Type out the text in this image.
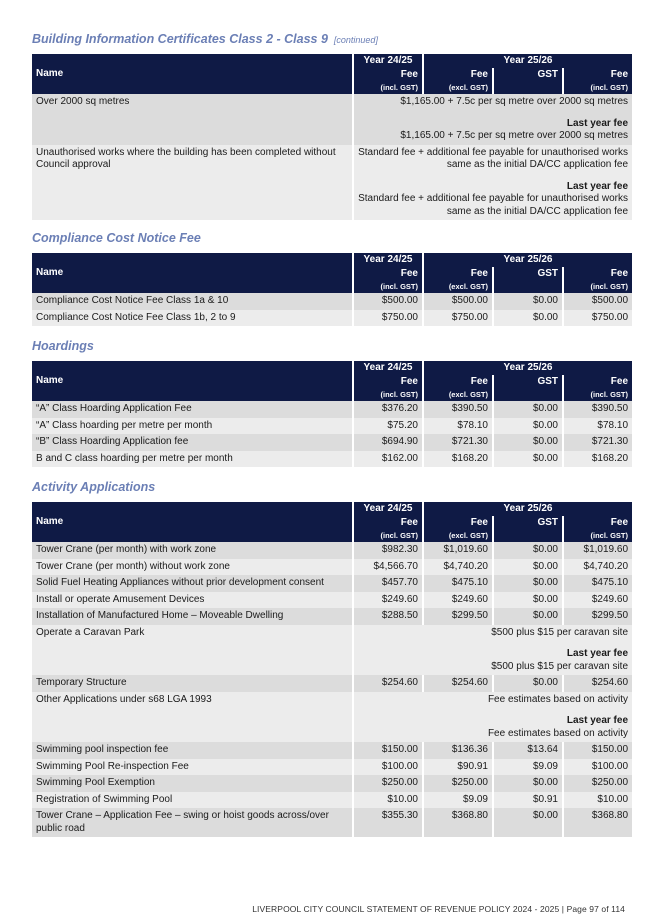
Building Information Certificates Class 2 - Class 9 [continued]
Name	Year 24/25	Year 25/26		
	Fee	Fee	GST	Fee
	(incl. GST)	(excl. GST)		(incl. GST)
Over 2000 sq metres	$1,165.00 + 7.5c per sq metre over 2000 sq metres
Last year fee
$1,165.00 + 7.5c per sq metre over 2000 sq metres			
Unauthorised works where the building has been completed without Council approval	Standard fee + additional fee payable for unauthorised works same as the initial DA/CC application fee
Last year fee
Standard fee + additional fee payable for unauthorised works same as the initial DA/CC application fee			
Compliance Cost Notice Fee
Name	Year 24/25	Year 25/26		
	Fee	Fee	GST	Fee
	(incl. GST)	(excl. GST)		(incl. GST)
Compliance Cost Notice Fee Class 1a & 10	$500.00	$500.00	$0.00	$500.00
Compliance Cost Notice Fee Class 1b, 2 to 9	$750.00	$750.00	$0.00	$750.00
Hoardings
Name	Year 24/25	Year 25/26		
	Fee	Fee	GST	Fee
	(incl. GST)	(excl. GST)		(incl. GST)
“A” Class Hoarding Application Fee	$376.20	$390.50	$0.00	$390.50
“A” Class hoarding per metre per month	$75.20	$78.10	$0.00	$78.10
“B” Class Hoarding Application fee	$694.90	$721.30	$0.00	$721.30
B and C class hoarding per metre per month	$162.00	$168.20	$0.00	$168.20
Activity Applications
Name	Year 24/25	Year 25/26		
	Fee	Fee	GST	Fee
	(incl. GST)	(excl. GST)		(incl. GST)
Tower Crane (per month) with work zone	$982.30	$1,019.60	$0.00	$1,019.60
Tower Crane (per month) without work zone	$4,566.70	$4,740.20	$0.00	$4,740.20
Solid Fuel Heating Appliances without prior development consent	$457.70	$475.10	$0.00	$475.10
Install or operate Amusement Devices	$249.60	$249.60	$0.00	$249.60
Installation of Manufactured Home – Moveable Dwelling	$288.50	$299.50	$0.00	$299.50
Operate a Caravan Park	$500 plus $15 per caravan site
Last year fee
$500 plus $15 per caravan site			
Temporary Structure	$254.60	$254.60	$0.00	$254.60
Other Applications under s68 LGA 1993	Fee estimates based on activity
Last year fee
Fee estimates based on activity			
Swimming pool inspection fee	$150.00	$136.36	$13.64	$150.00
Swimming Pool Re-inspection Fee	$100.00	$90.91	$9.09	$100.00
Swimming Pool Exemption	$250.00	$250.00	$0.00	$250.00
Registration of Swimming Pool	$10.00	$9.09	$0.91	$10.00
Tower Crane – Application Fee – swing or hoist goods across/over public road	$355.30	$368.80	$0.00	$368.80
LIVERPOOL CITY COUNCIL STATEMENT OF REVENUE POLICY 2024 - 2025 | Page 97 of 114
